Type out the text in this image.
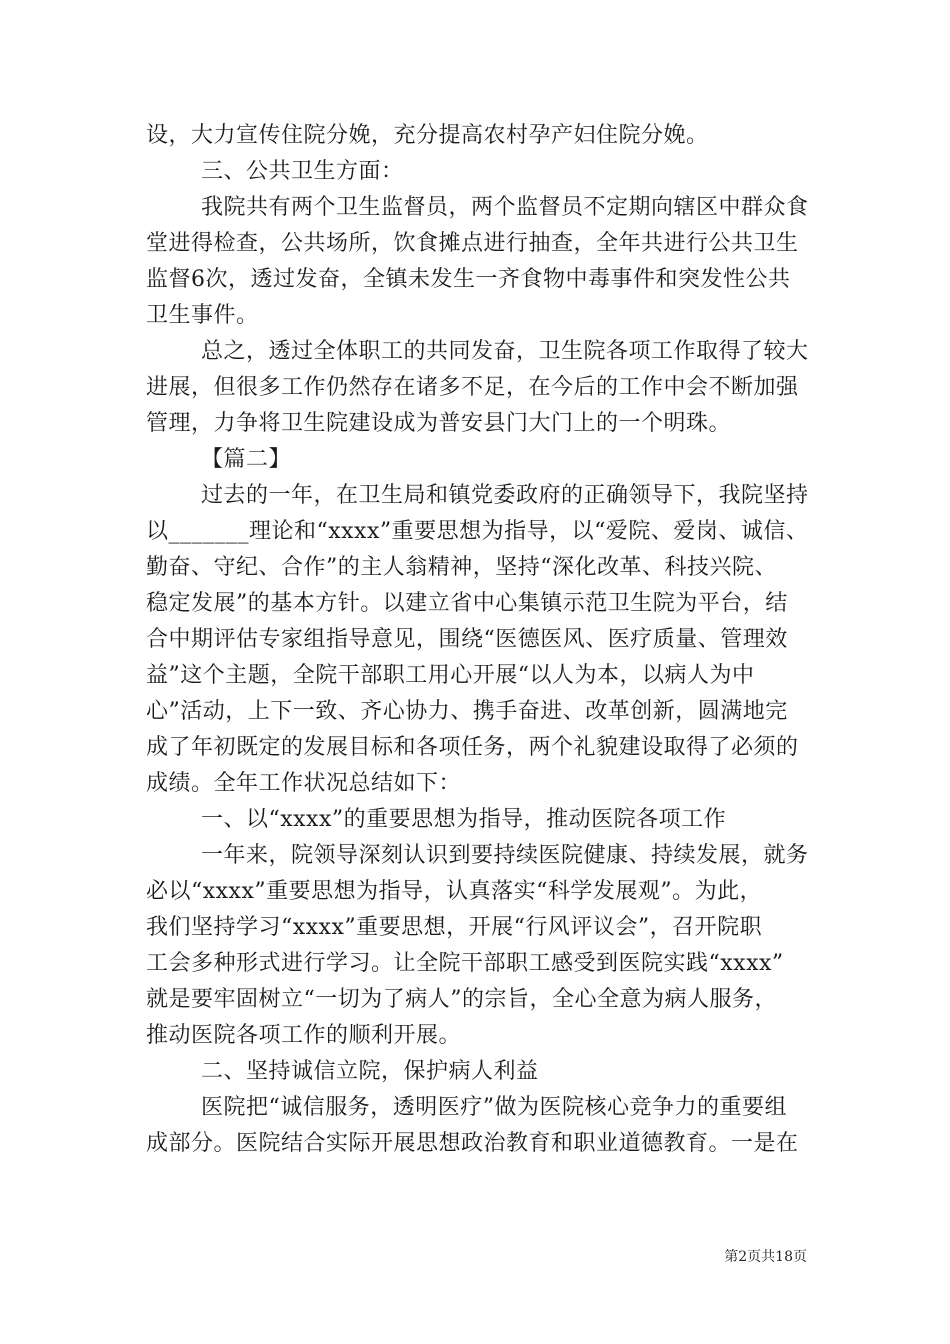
设，大力宣传住院分娩，充分提高农村孕产妇住院分娩。
三、公共卫生方面：
我院共有两个卫生监督员，两个监督员不定期向辖区中群众食
堂进得检查，公共场所，饮食摊点进行抽查，全年共进行公共卫生
监督6次，透过发奋，全镇未发生一齐食物中毒事件和突发性公共
卫生事件。
总之，透过全体职工的共同发奋，卫生院各项工作取得了较大
进展，但很多工作仍然存在诸多不足，在今后的工作中会不断加强
管理，力争将卫生院建设成为普安县门大门上的一个明珠。
【篇二】
过去的一年，在卫生局和镇党委政府的正确领导下，我院坚持
以_______理论和“xxxx”重要思想为指导，以“爱院、爱岗、诚信、
勤奋、守纪、合作”的主人翁精神，坚持“深化改革、科技兴院、
稳定发展”的基本方针。以建立省中心集镇示范卫生院为平台，结
合中期评估专家组指导意见，围绕“医德医风、医疗质量、管理效
益”这个主题，全院干部职工用心开展“以人为本，以病人为中
心”活动，上下一致、齐心协力、携手奋进、改革创新，圆满地完
成了年初既定的发展目标和各项任务，两个礼貌建设取得了必须的
成绩。全年工作状况总结如下：
一、以“xxxx”的重要思想为指导，推动医院各项工作
一年来，院领导深刻认识到要持续医院健康、持续发展，就务
必以“xxxx”重要思想为指导，认真落实“科学发展观”。为此，
我们坚持学习“xxxx”重要思想，开展“行风评议会”，召开院职
工会多种形式进行学习。让全院干部职工感受到医院实践“xxxx”
就是要牢固树立“一切为了病人”的宗旨，全心全意为病人服务，
推动医院各项工作的顺利开展。
二、坚持诚信立院，保护病人利益
医院把“诚信服务，透明医疗”做为医院核心竞争力的重要组
成部分。医院结合实际开展思想政治教育和职业道德教育。一是在
第2页共18页
